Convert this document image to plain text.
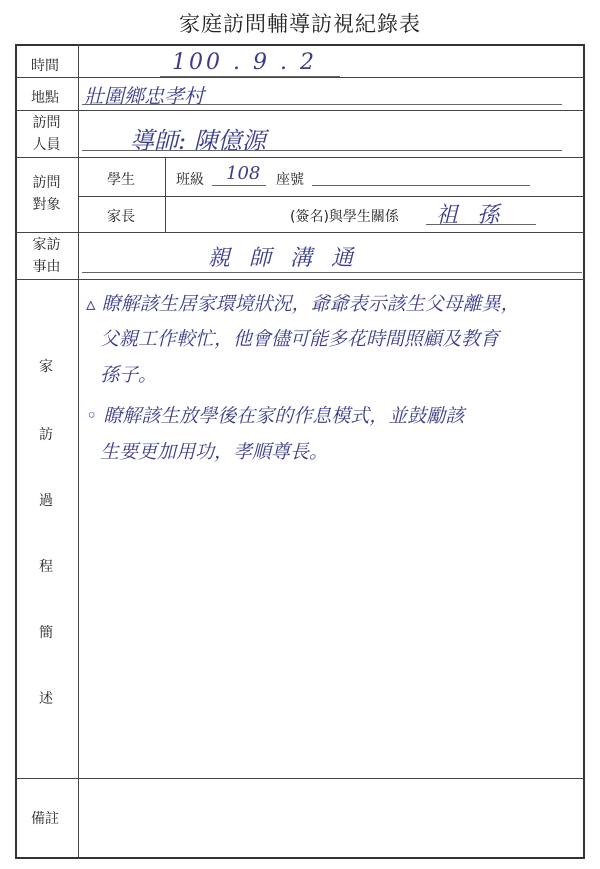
家庭訪問輔導訪視紀錄表
時間
地點
訪問
人員
訪問
對象
學生
家長
家訪
事由
家
訪
過
程
簡
述
備註
100 . 9 . 2
壯圍鄉忠孝村
導師: 陳億源
班級 108 座號
(簽名)與學生關係 祖 孫
親 師 溝 通
▵ 瞭解該生居家環境狀況，爺爺表示該生父母離異，
父親工作較忙，他會儘可能多花時間照顧及教育
孫子。
◦ 瞭解該生放學後在家的作息模式，並鼓勵該
生要更加用功，孝順尊長。
